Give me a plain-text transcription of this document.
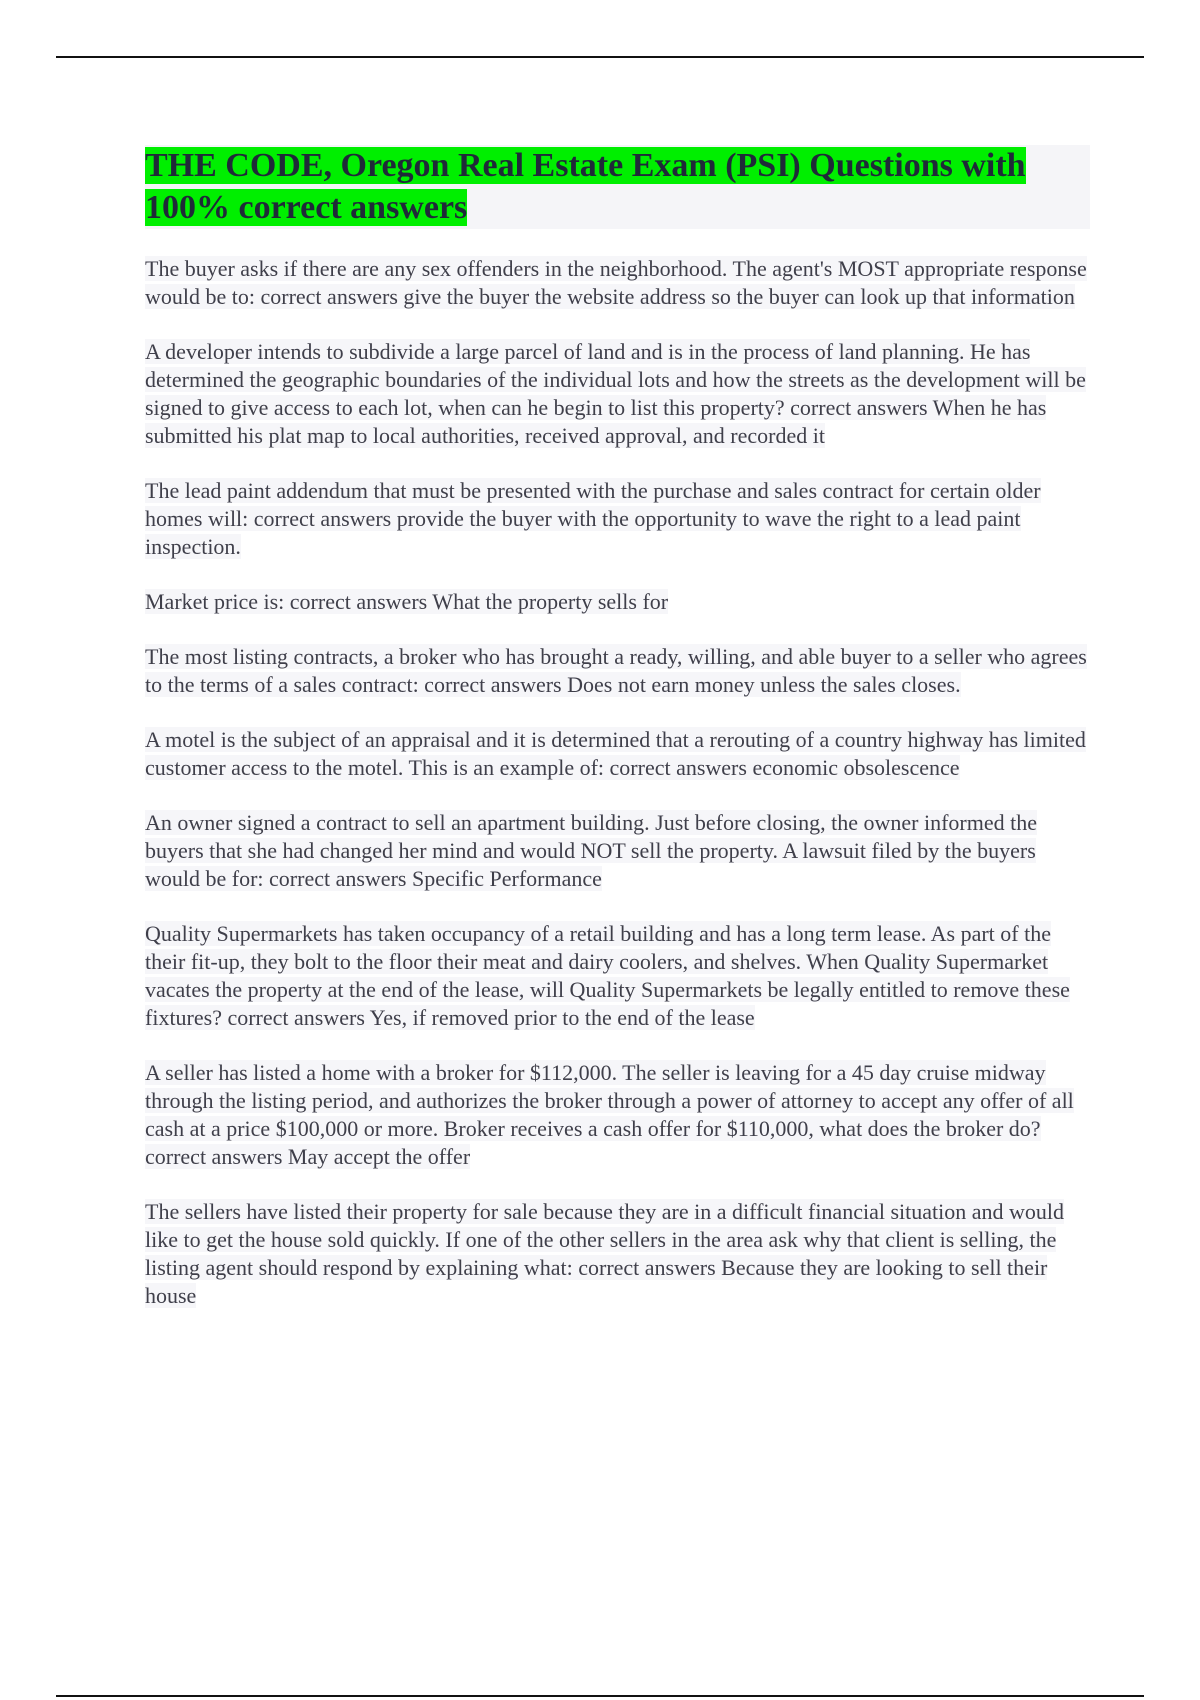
THE CODE, Oregon Real Estate Exam (PSI) Questions with 100% correct answers

The buyer asks if there are any sex offenders in the neighborhood. The agent's MOST appropriate response would be to: correct answers give the buyer the website address so the buyer can look up that information

A developer intends to subdivide a large parcel of land and is in the process of land planning. He has determined the geographic boundaries of the individual lots and how the streets as the development will be signed to give access to each lot, when can he begin to list this property? correct answers When he has submitted his plat map to local authorities, received approval, and recorded it

The lead paint addendum that must be presented with the purchase and sales contract for certain older homes will: correct answers provide the buyer with the opportunity to wave the right to a lead paint inspection.

Market price is: correct answers What the property sells for

The most listing contracts, a broker who has brought a ready, willing, and able buyer to a seller who agrees to the terms of a sales contract: correct answers Does not earn money unless the sales closes.

A motel is the subject of an appraisal and it is determined that a rerouting of a country highway has limited customer access to the motel. This is an example of: correct answers economic obsolescence

An owner signed a contract to sell an apartment building. Just before closing, the owner informed the buyers that she had changed her mind and would NOT sell the property. A lawsuit filed by the buyers would be for: correct answers Specific Performance

Quality Supermarkets has taken occupancy of a retail building and has a long term lease. As part of the their fit-up, they bolt to the floor their meat and dairy coolers, and shelves. When Quality Supermarket vacates the property at the end of the lease, will Quality Supermarkets be legally entitled to remove these fixtures? correct answers Yes, if removed prior to the end of the lease

A seller has listed a home with a broker for $112,000. The seller is leaving for a 45 day cruise midway through the listing period, and authorizes the broker through a power of attorney to accept any offer of all cash at a price $100,000 or more. Broker receives a cash offer for $110,000, what does the broker do? correct answers May accept the offer

The sellers have listed their property for sale because they are in a difficult financial situation and would like to get the house sold quickly. If one of the other sellers in the area ask why that client is selling, the listing agent should respond by explaining what: correct answers Because they are looking to sell their house
